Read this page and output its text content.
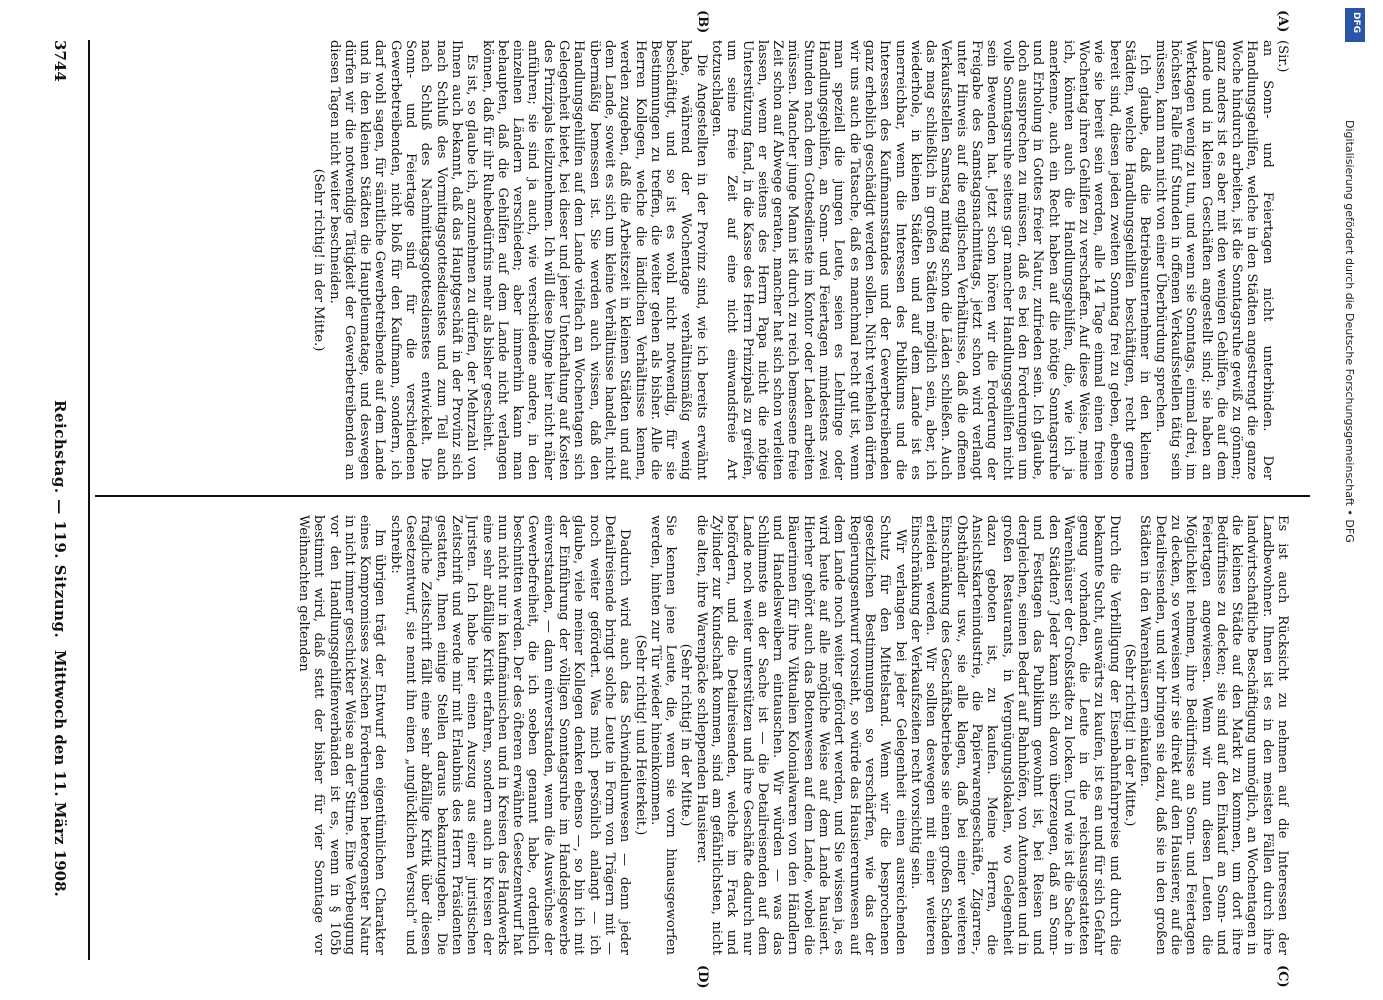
3744
Reichstag. — 119. Sitzung.
Mittwoch den 11. März 1908.
(A)
(B)
(C)
(D)

(Sir.)

an Sonn- und Feiertagen nicht unterbinden. Der Handlungsgehilfen, welche in den Städten angestrengt die ganze Woche hindurch arbeiten, ist die Sonntagsruhe gewiß zu gönnen; ganz anders ist es aber mit den wenigen Gehilfen, die auf dem Lande und in kleinen Geschäften angestellt sind; sie haben an Werktagen wenig zu tun, und wenn sie Sonntags, einmal drei, im höchsten Falle fünf Stunden in offenen Verkaufsstellen tätig sein müssen, kann man nicht von einer Überbürdung sprechen.

Ich glaube, daß die Betriebsunternehmer in den kleinen Städten, welche Handlungsgehilfen beschäftigen, recht gerne bereit sind, diesen jeden zweiten Sonntag frei zu geben, ebenso wie sie bereit sein werden, alle 14 Tage einmal einen freien Wochentag ihren Gehilfen zu verschaffen. Auf diese Weise, meine ich, könnten auch die Handlungsgehilfen, die, wie ich ja anerkenne, auch ein Recht haben auf die nötige Sonntagsruhe und Erholung in Gottes freier Natur, zufrieden sein. Ich glaube, doch aussprechen zu müssen, daß es bei den Forderungen um volle Sonntagsruhe seitens gar mancher Handlungsgehilfen nicht sein Bewenden hat. Jetzt schon hören wir die Forderung der Freigabe des Samstagsnachmittags, jetzt schon wird verlangt unter Hinweis auf die englischen Verhältnisse, daß die offenen Verkaufsstellen Samstag mittag schon die Läden schließen. Auch das mag schließlich in großen Städten möglich sein, aber, ich wiederhole, in kleinen Städten und auf dem Lande ist es unerreichbar, wenn die Interessen des Publikums und die Interessen des Kaufmannsstandes und der Gewerbetreibenden ganz erheblich geschädigt werden sollen. Nicht verhehlen dürfen wir uns auch die Tatsache, daß es manchmal recht gut ist, wenn man speziell die jungen Leute, seien es Lehrlinge oder Handlungsgehilfen, an Sonn- und Feiertagen mindestens zwei Stunden nach dem Gottesdienste im Kontor oder Laden arbeiten müssen. Mancher junge Mann ist durch zu reich bemessene freie Zeit schon auf Abwege geraten, mancher hat sich schon verleiten lassen, wenn er seitens des Herrn Papa nicht die nötige Unterstützung fand, in die Kasse des Herrn Prinzipals zu greifen, um seine freie Zeit auf eine nicht einwandsfreie Art totzuschlagen.

Die Angestellten in der Provinz sind, wie ich bereits erwähnt habe, während der Wochentage verhältnismäßig wenig beschäftigt, und so ist es wohl nicht notwendig, für sie Bestimmungen zu treffen, die weiter gehen als bisher. Alle die Herren Kollegen, welche die ländlichen Verhältnisse kennen, werden zugeben, daß die Arbeitszeit in kleinen Städten und auf dem Lande, soweit es sich um kleine Verhältnisse handelt, nicht übermäßig bemessen ist. Sie werden auch wissen, daß den Handlungsgehilfen auf dem Lande vielfach an Wochentagen sich Gelegenheit bietet, bei dieser und jener Unterhaltung auf Kosten des Prinzipals teilzunehmen. Ich will diese Dinge hier nicht näher anführen; sie sind ja auch, wie verschiedene andere, in den einzelnen Ländern verschieden; aber immerhin kann man behaupten, daß die Gehilfen auf dem Lande nicht verlangen können, daß für ihr Ruhebedürfnis mehr als bisher geschieht.

Es ist, so glaube ich, anzunehmen zu dürfen, der Mehrzahl von Ihnen auch bekannt, daß das Hauptgeschäft in der Provinz sich nach Schluß des Vormittagsgottesdienstes und zum Teil auch nach Schluß des Nachmittagsgottesdienstes entwickelt. Die Sonn- und Feiertage sind für die verschiedenen Gewerbetreibenden, nicht bloß für den Kaufmann, sondern, ich darf wohl sagen, für sämtliche Gewerbetreibende auf dem Lande und in den kleinen Städten die Hauptleumatage, und deswegen dürfen wir die notwendige Tätigkeit der Gewerbetreibenden an diesen Tagen nicht weiter beschneiden.

(Sehr richtig! in der Mitte.)

Es ist auch Rücksicht zu nehmen auf die Interessen der Landbewohner. Ihnen ist es in den meisten Fällen durch ihre landwirtschaftliche Beschäftigung unmöglich, an Wochentagen in die kleinen Städte auf den Markt zu kommen, um dort ihre Bedürfnisse zu decken; sie sind auf den Einkauf an Sonn- und Feiertagen angewiesen. Wenn wir nun diesen Leuten die Möglichkeit nehmen, ihre Bedürfnisse an Sonn- und Feiertagen zu decken, so verweisen wir sie direkt auf den Hausierer, auf die Detailreisenden, und wir bringen sie dazu, daß sie in den großen Städten in den Warenhäusern einkaufen.

(Sehr richtig! in der Mitte.)

Durch die Verbilligung der Eisenbahnfahrpreise und durch die bekannte Sucht, auswärts zu kaufen, ist es an und für sich Gefahr genug vorhanden, die Leute in die reichsausgestatteten Warenhäuser der Großstädte zu locken. Und wie ist die Sache in den Städten? Jeder kann sich davon überzeugen, daß an Sonn- und Festtagen das Publikum gewohnt ist, bei Reisen und dergleichen, seinen Bedarf auf Bahnhöfen, von Automaten und in großen Restaurants, in Vergnügungslokalen, wo Gelegenheit dazu geboten ist, zu kaufen. Meine Herren, die Ansichtskartenindustrie, die Papierwarengeschäfte, Zigarren-, Obsthändler usw., sie alle klagen, daß bei einer weiteren Einschränkung des Geschäftsbetriebes sie einen großen Schaden erleiden werden. Wir sollten deswegen mit einer weiteren Einschränkung der Verkaufszeiten recht vorsichtig sein.

Wir verlangen bei jeder Gelegenheit einen ausreichenden Schutz für den Mittelstand. Wenn wir die besprochenen gesetzlichen Bestimmungen so verschärfen, wie das der Regierungsentwurf vorsieht, so würde das Hausiererunwesen auf dem Lande noch weiter gefördert werden, und Sie wissen ja, es wird heute auf alle mögliche Weise auf dem Lande hausiert. Hierher gehört auch das Botenwesen auf dem Lande, wobei die Bäuerinnen für ihre Viktualien Kolonialwaren von den Händlern und Handelsweibern eintauschen. Wir würden — was das Schlimmste an der Sache ist — die Detailreisenden auf dem Lande noch weiter unterstützen und ihre Geschäfte dadurch nur befördern, und die Detailreisenden, welche im Frack und Zylinder zur Kundschaft kommen, sind am gefährlichsten, nicht die alten, ihre Warenpäcke schleppenden Hausierer.

(Sehr richtig! in der Mitte.)

Sie kennen jene Leute, die, wenn sie vorn hinausgeworfen werden, hinten zur Tür wieder hineinkommen.

(Sehr richtig! und Heiterkeit.)

Dadurch wird auch das Schwindelunwesen — denn jeder Detailreisende bringt solche Leute in Form von Trägern mit — noch weiter gefördert. Was mich persönlich anlangt — ich glaube, viele meiner Kollegen denken ebenso —, so bin ich mit der Einführung der völligen Sonntagsruhe im Handelsgewerbe einverstanden, — dann einverstanden, wenn die Auswüchse der Gewerbefreiheit, die ich soeben genannt habe, ordentlich beschnitten werden. Der des öfteren erwähnte Gesetzentwurf hat nun nicht nur in kaufmännischen und in Kreisen des Handwerks eine sehr abfällige Kritik erfahren, sondern auch in Kreisen der Juristen. Ich habe hier einen Auszug aus einer juristischen Zeitschrift und werde mir mit Erlaubnis des Herrn Präsidenten gestatten, Ihnen einige Stellen daraus bekanntzugeben. Die fragliche Zeitschrift fällt eine sehr abfällige Kritik über diesen Gesetzentwurf, sie nennt ihn einen „unglücklichen Versuch“ und schreibt:

Im übrigen trägt der Entwurf den eigentümlichen Charakter eines Kompromisses zwischen Forderungen heterogenster Natur in nicht immer geschickter Weise an der Stirne. Eine Verbeugung vor den Handlungsgehilfenverbänden ist es, wenn in § 105b bestimmt wird, daß statt der bisher für vier Sonntage vor Weihnachten geltenden

DFG
Digitalisierung gefördert durch die Deutsche Forschungsgemeinschaft • DFG
